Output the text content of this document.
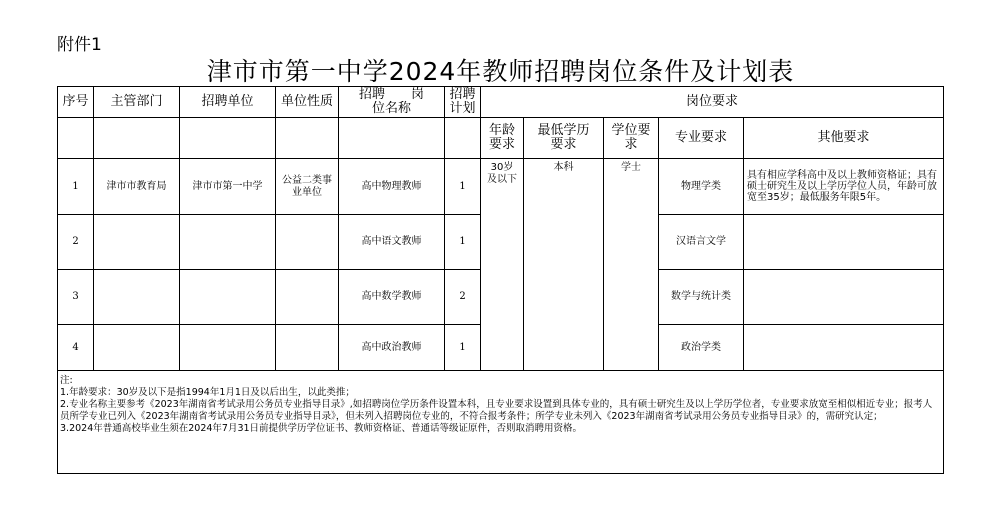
附件1
津市市第一中学2024年教师招聘岗位条件及计划表
序号	主管部门	招聘单位	单位性质	招聘　　岗位名称	招聘计划	岗位要求				
						年龄要求	最低学历要求	学位要求	专业要求	其他要求
1	津市市教育局	津市市第一中学	公益二类事业单位	高中物理教师	1	30岁及以下	本科	学士	物理学类	具有相应学科高中及以上教师资格证；具有硕士研究生及以上学历学位人员，年龄可放宽至35岁；最低服务年限5年。
2				高中语文教师	1				汉语言文学	
3				高中数学教师	2				数学与统计类	
4				高中政治教师	1				政治学类	

注:
1.年龄要求：30岁及以下是指1994年1月1日及以后出生，以此类推；
2.专业名称主要参考《2023年湖南省考试录用公务员专业指导目录》,如招聘岗位学历条件设置本科，且专业要求设置到具体专业的，具有硕士研究生及以上学历学位者，专业要求放宽至相似相近专业；报考人员所学专业已列入《2023年湖南省考试录用公务员专业指导目录》，但未列入招聘岗位专业的，不符合报考条件；所学专业未列入《2023年湖南省考试录用公务员专业指导目录》的，需研究认定；
3.2024年普通高校毕业生须在2024年7月31日前提供学历学位证书、教师资格证、普通话等级证原件，否则取消聘用资格。										
